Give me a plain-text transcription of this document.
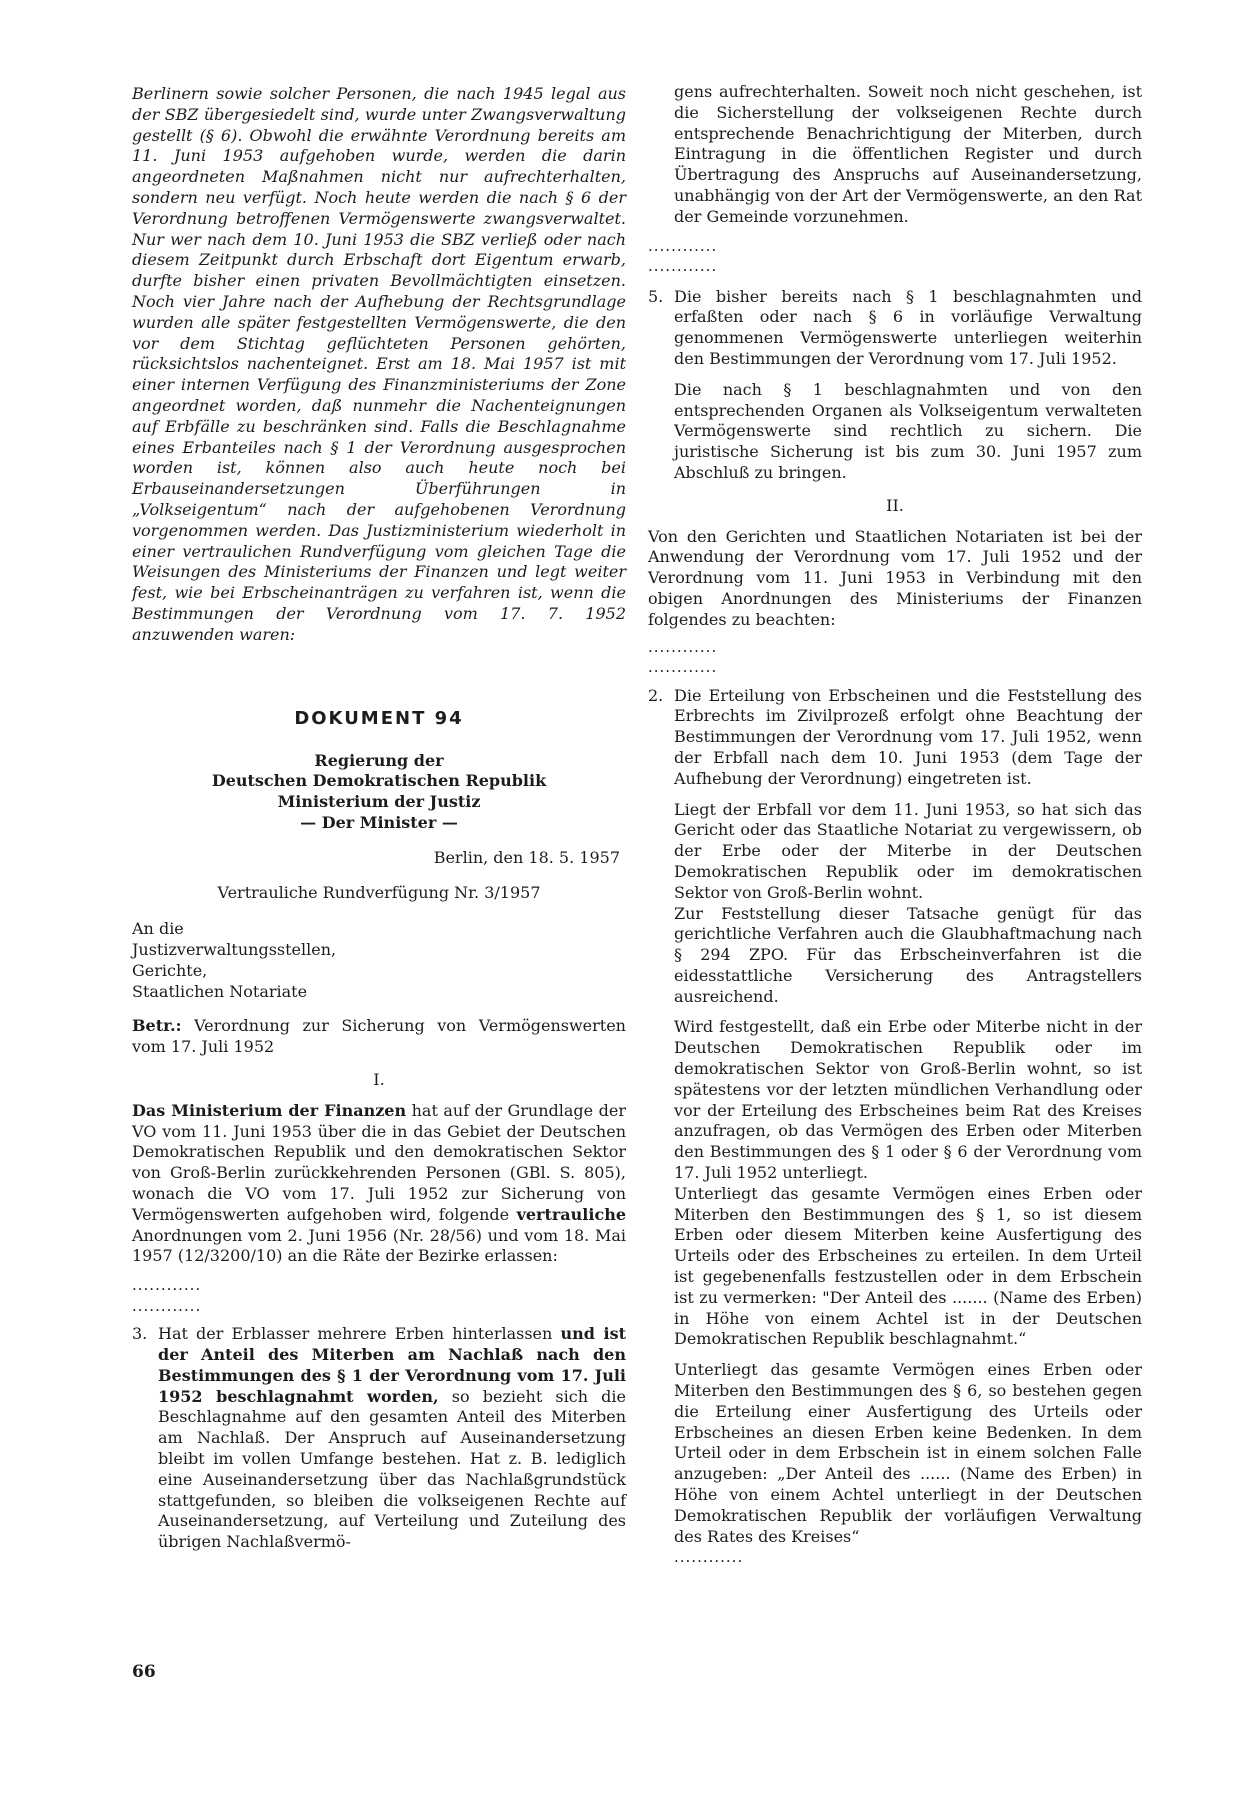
Berlinern sowie solcher Personen, die nach 1945 legal aus der SBZ übergesiedelt sind, wurde unter Zwangsverwaltung gestellt (§ 6). Obwohl die erwähnte Verordnung bereits am 11. Juni 1953 aufgehoben wurde, werden die darin angeordneten Maßnahmen nicht nur aufrechterhalten, sondern neu verfügt. Noch heute werden die nach § 6 der Verordnung betroffenen Vermögenswerte zwangsverwaltet. Nur wer nach dem 10. Juni 1953 die SBZ verließ oder nach diesem Zeitpunkt durch Erbschaft dort Eigentum erwarb, durfte bisher einen privaten Bevollmächtigten einsetzen. Noch vier Jahre nach der Aufhebung der Rechtsgrundlage wurden alle später festgestellten Vermögenswerte, die den vor dem Stichtag geflüchteten Personen gehörten, rücksichtslos nachenteignet. Erst am 18. Mai 1957 ist mit einer internen Verfügung des Finanzministeriums der Zone angeordnet worden, daß nunmehr die Nachenteignungen auf Erbfälle zu beschränken sind. Falls die Beschlagnahme eines Erbanteiles nach § 1 der Verordnung ausgesprochen worden ist, können also auch heute noch bei Erbauseinandersetzungen Überführungen in „Volkseigentum“ nach der aufgehobenen Verordnung vorgenommen werden. Das Justizministerium wiederholt in einer vertraulichen Rundverfügung vom gleichen Tage die Weisungen des Ministeriums der Finanzen und legt weiter fest, wie bei Erbscheinanträgen zu verfahren ist, wenn die Bestimmungen der Verordnung vom 17. 7. 1952 anzuwenden waren:

DOKUMENT 94

Regierung der

Deutschen Demokratischen Republik

Ministerium der Justiz

— Der Minister —

Berlin, den 18. 5. 1957

Vertrauliche Rundverfügung Nr. 3/1957

An die

Justizverwaltungsstellen,

Gerichte,

Staatlichen Notariate

Betr.: Verordnung zur Sicherung von Vermögenswerten vom 17. Juli 1952

I.

Das Ministerium der Finanzen hat auf der Grundlage der VO vom 11. Juni 1953 über die in das Gebiet der Deutschen Demokratischen Republik und den demokratischen Sektor von Groß-Berlin zurückkehrenden Personen (GBl. S. 805), wonach die VO vom 17. Juli 1952 zur Sicherung von Vermögenswerten aufgehoben wird, folgende vertrauliche Anordnungen vom 2. Juni 1956 (Nr. 28/56) und vom 18. Mai 1957 (12/3200/10) an die Räte der Bezirke erlassen:

............

............

3. Hat der Erblasser mehrere Erben hinterlassen und ist der Anteil des Miterben am Nachlaß nach den Bestimmungen des § 1 der Verordnung vom 17. Juli 1952 beschlagnahmt worden, so bezieht sich die Beschlagnahme auf den gesamten Anteil des Miterben am Nachlaß. Der Anspruch auf Auseinandersetzung bleibt im vollen Umfange bestehen. Hat z. B. lediglich eine Auseinandersetzung über das Nachlaßgrundstück stattgefunden, so bleiben die volkseigenen Rechte auf Auseinandersetzung, auf Verteilung und Zuteilung des übrigen Nachlaßvermö-

gens aufrechterhalten. Soweit noch nicht geschehen, ist die Sicherstellung der volkseigenen Rechte durch entsprechende Benachrichtigung der Miterben, durch Eintragung in die öffentlichen Register und durch Übertragung des Anspruchs auf Auseinandersetzung, unabhängig von der Art der Vermögenswerte, an den Rat der Gemeinde vorzunehmen.

............

............

5. Die bisher bereits nach § 1 beschlagnahmten und erfaßten oder nach § 6 in vorläufige Verwaltung genommenen Vermögenswerte unterliegen weiterhin den Bestimmungen der Verordnung vom 17. Juli 1952.

Die nach § 1 beschlagnahmten und von den entsprechenden Organen als Volkseigentum verwalteten Vermögenswerte sind rechtlich zu sichern. Die juristische Sicherung ist bis zum 30. Juni 1957 zum Abschluß zu bringen.

II.

Von den Gerichten und Staatlichen Notariaten ist bei der Anwendung der Verordnung vom 17. Juli 1952 und der Verordnung vom 11. Juni 1953 in Verbindung mit den obigen Anordnungen des Ministeriums der Finanzen folgendes zu beachten:

............

............

2. Die Erteilung von Erbscheinen und die Feststellung des Erbrechts im Zivilprozeß erfolgt ohne Beachtung der Bestimmungen der Verordnung vom 17. Juli 1952, wenn der Erbfall nach dem 10. Juni 1953 (dem Tage der Aufhebung der Verordnung) eingetreten ist.

Liegt der Erbfall vor dem 11. Juni 1953, so hat sich das Gericht oder das Staatliche Notariat zu vergewissern, ob der Erbe oder der Miterbe in der Deutschen Demokratischen Republik oder im demokratischen Sektor von Groß-Berlin wohnt.

Zur Feststellung dieser Tatsache genügt für das gerichtliche Verfahren auch die Glaubhaftmachung nach § 294 ZPO. Für das Erbscheinverfahren ist die eidesstattliche Versicherung des Antragstellers ausreichend.

Wird festgestellt, daß ein Erbe oder Miterbe nicht in der Deutschen Demokratischen Republik oder im demokratischen Sektor von Groß-Berlin wohnt, so ist spätestens vor der letzten mündlichen Verhandlung oder vor der Erteilung des Erbscheines beim Rat des Kreises anzufragen, ob das Vermögen des Erben oder Miterben den Bestimmungen des § 1 oder § 6 der Verordnung vom 17. Juli 1952 unterliegt.

Unterliegt das gesamte Vermögen eines Erben oder Miterben den Bestimmungen des § 1, so ist diesem Erben oder diesem Miterben keine Ausfertigung des Urteils oder des Erbscheines zu erteilen. In dem Urteil ist gegebenenfalls festzustellen oder in dem Erbschein ist zu vermerken: "Der Anteil des ....... (Name des Erben) in Höhe von einem Achtel ist in der Deutschen Demokratischen Republik beschlagnahmt.“

Unterliegt das gesamte Vermögen eines Erben oder Miterben den Bestimmungen des § 6, so bestehen gegen die Erteilung einer Ausfertigung des Urteils oder Erbscheines an diesen Erben keine Bedenken. In dem Urteil oder in dem Erbschein ist in einem solchen Falle anzugeben: „Der Anteil des ...... (Name des Erben) in Höhe von einem Achtel unterliegt in der Deutschen Demokratischen Republik der vorläufigen Verwaltung des Rates des Kreises“

............

66
